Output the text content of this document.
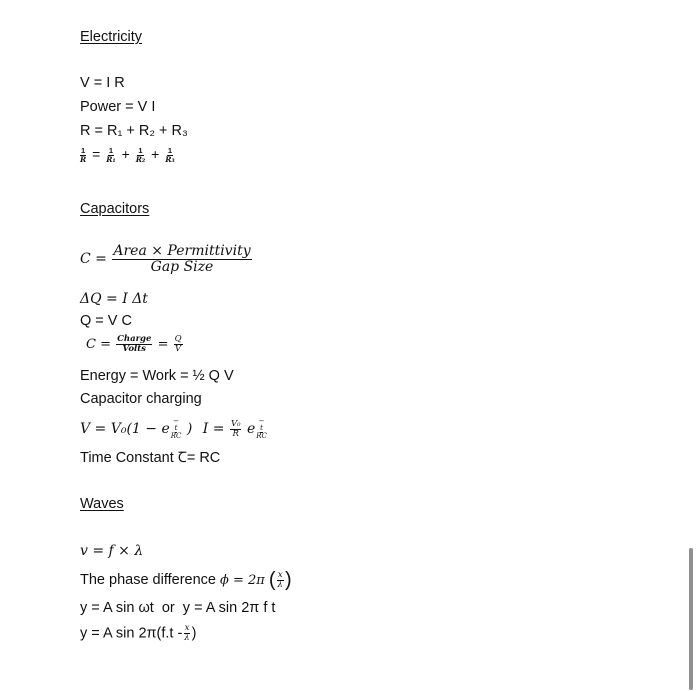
Electricity
V = I R
Power = V I
R = R₁ + R₂ + R₃
$\frac{1}{R} = \frac{1}{\text{R₁}} + \frac{1}{\text{R₂}} + \frac{1}{\text{R₃}}$
Capacitors
$C = \frac{\text{Area × Permittivity}}{\text{Gap Size}}$
ΔQ = I Δt
Q = V C
$C = \frac{\text{Charge}}{\text{Volts}} = \frac{Q}{V}$
Energy = Work = ½ Q V
Capacitor charging
V = V₀(1 − e −
t
RC ) $I = \frac{\text{V₀}}{R}$ e −
t
RC
Time Constant Ꞇ= RC
Waves
v = f × λ
The phase difference ϕ = 2π ( $\frac{x}{\lambda}$ )
y = A sin ωt  or  y = A sin 2π f t
y = A $\sin 2\pi(f.t - \frac{x}{\lambda}$ )
